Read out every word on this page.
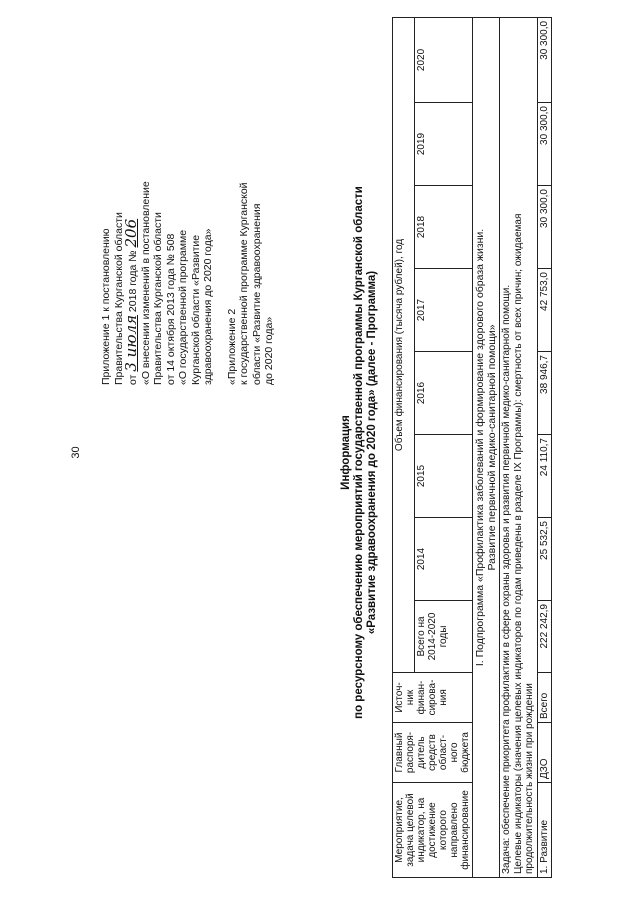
30
Приложение 1 к постановлению Правительства Курганской области от 3 июля 2018 года № 206 «О внесении изменений в постановление Правительства Курганской области от 14 октября 2013 года № 508 «О государственной программе Курганской области «Развитие здравоохранения до 2020 года» «Приложение 2 к государственной программе Курганской области «Развитие здравоохранения до 2020 года»
Информация по ресурсному обеспечению мероприятий государственной программы Курганской области «Развитие здравоохранения до 2020 года» (далее - Программа)
Мероприятие, задача целевой индикатор, на достижение которого направлено финансирование	Главный распоря-дитель средств област-ного бюджета	Источ-ник финан-сирова-ния	Объем финансирования (тысяча рублей), год							
			Всего на 2014-2020 годы	2014	2015	2016	2017	2018	2019	2020

I. Подпрограмма «Профилактика заболеваний и формирование здорового образа жизни. Развитие первичной медико-санитарной помощи»										

Задача: обеспечение приоритета профилактики в сфере охраны здоровья и развития первичной медико-санитарной помощи. Целевые индикаторы (значения целевых индикаторов по годам приведены в разделе IX Программы): смертность от всех причин; ожидаемая продолжительность жизни при рождении										

1. Развитие	ДЗО	Всего	222 242,9	25 532,5	24 110,7	38 946,7	42 753,0	30 300,0	30 300,0	30 300,0
